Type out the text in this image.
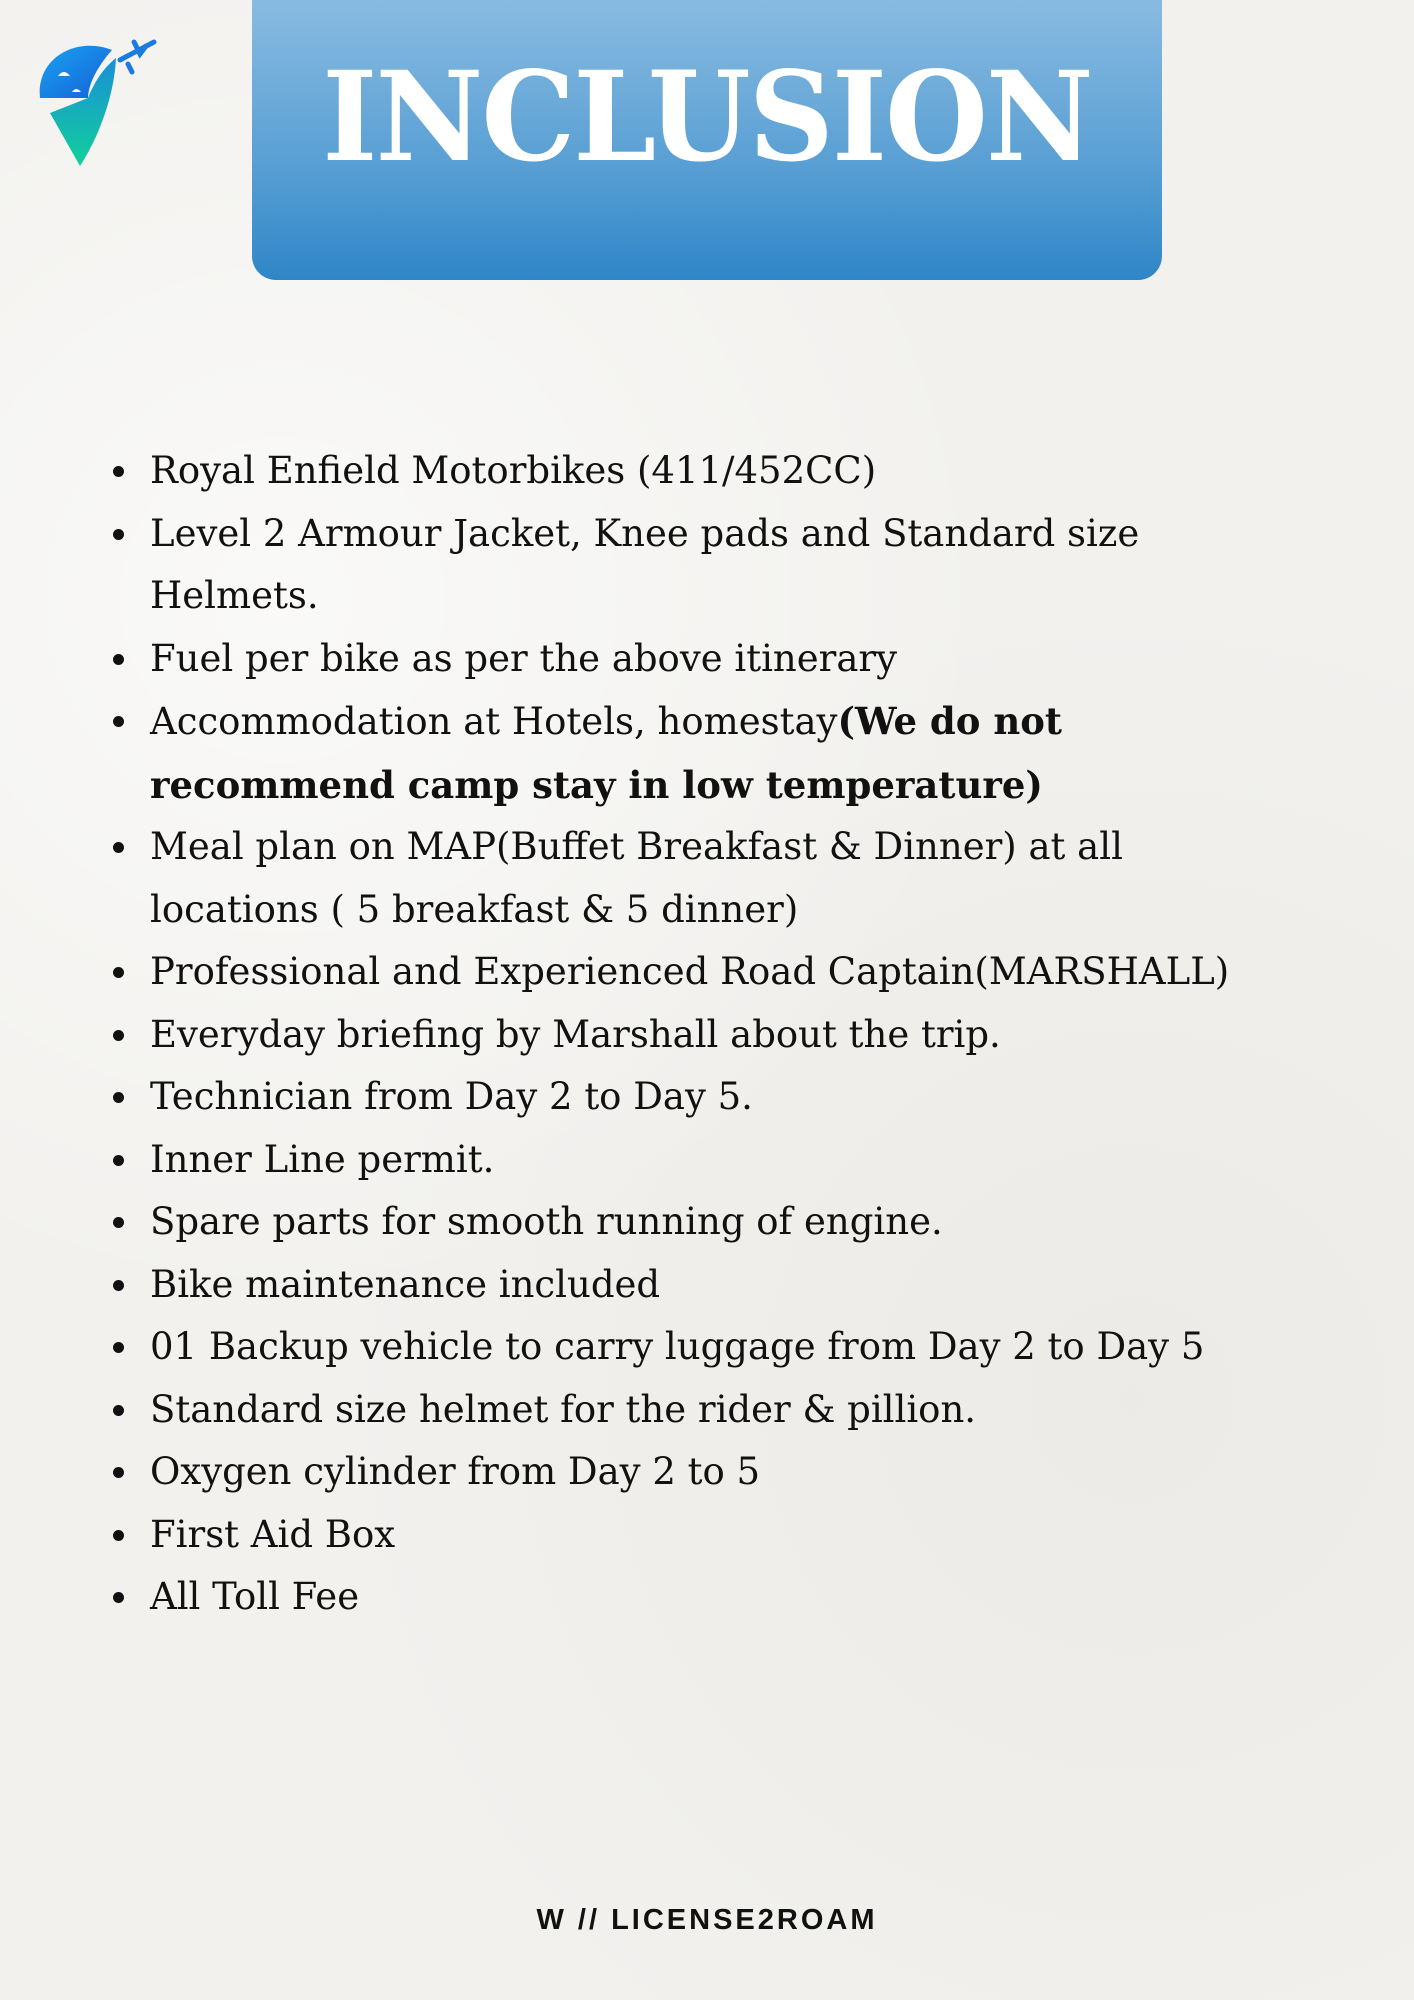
INCLUSION
Royal Enfield Motorbikes (411/452CC)
Level 2 Armour Jacket, Knee pads and Standard size
Helmets.
Fuel per bike as per the above itinerary
Accommodation at Hotels, homestay(We do not
recommend camp stay in low temperature)
Meal plan on MAP(Buffet Breakfast & Dinner) at all
locations ( 5 breakfast & 5 dinner)
Professional and Experienced Road Captain(MARSHALL)
Everyday briefing by Marshall about the trip.
Technician from Day 2 to Day 5.
Inner Line permit.
Spare parts for smooth running of engine.
Bike maintenance included
01 Backup vehicle to carry luggage from Day 2 to Day 5
Standard size helmet for the rider & pillion.
Oxygen cylinder from Day 2 to 5
First Aid Box
All Toll Fee
W // LICENSE2ROAM
